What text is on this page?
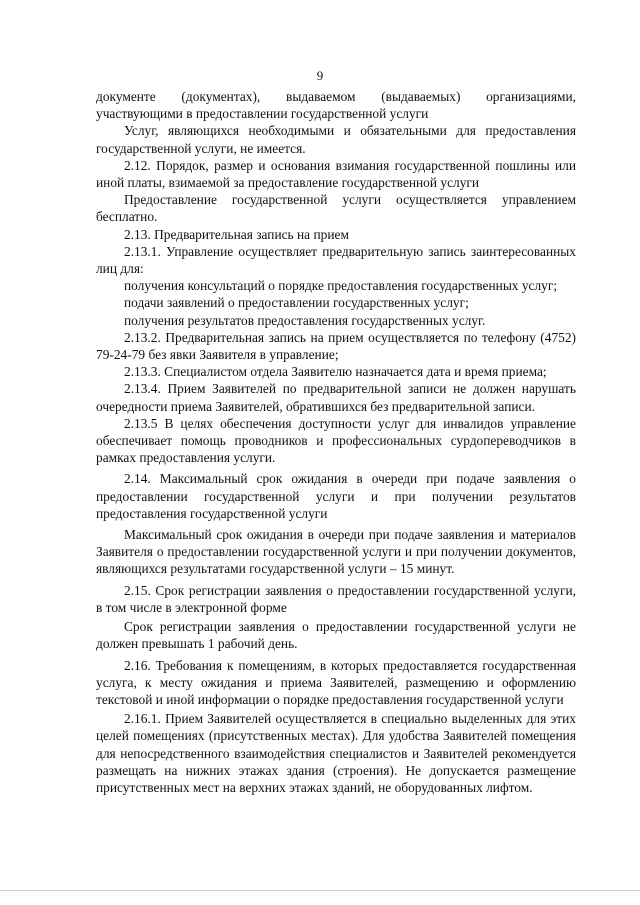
9

документе (документах), выдаваемом (выдаваемых) организациями, участвующими в предоставлении государственной услуги

Услуг, являющихся необходимыми и обязательными для предоставления государственной услуги, не имеется.

2.12. Порядок, размер и основания взимания государственной пошлины или иной платы, взимаемой за предоставление государственной услуги

Предоставление государственной услуги осуществляется управлением бесплатно.

2.13. Предварительная запись на прием

2.13.1. Управление осуществляет предварительную запись заинтересованных лиц для:

получения консультаций о порядке предоставления государственных услуг;

подачи заявлений о предоставлении государственных услуг;

получения результатов предоставления государственных услуг.

2.13.2. Предварительная запись на прием осуществляется по телефону (4752) 79-24-79 без явки Заявителя в управление;

2.13.3. Специалистом отдела Заявителю назначается дата и время приема;

2.13.4. Прием Заявителей по предварительной записи не должен нарушать очередности приема Заявителей, обратившихся без предварительной записи.

2.13.5 В целях обеспечения доступности услуг для инвалидов управление обеспечивает помощь проводников и профессиональных сурдопереводчиков в рамках предоставления услуги.

2.14. Максимальный срок ожидания в очереди при подаче заявления о предоставлении государственной услуги и при получении результатов предоставления государственной услуги

Максимальный срок ожидания в очереди при подаче заявления и материалов Заявителя о предоставлении государственной услуги и при получении документов, являющихся результатами государственной услуги – 15 минут.

2.15. Срок регистрации заявления о предоставлении государственной услуги, в том числе в электронной форме

Срок регистрации заявления о предоставлении государственной услуги не должен превышать 1 рабочий день.

2.16. Требования к помещениям, в которых предоставляется государственная услуга, к месту ожидания и приема Заявителей, размещению и оформлению текстовой и иной информации о порядке предоставления государственной услуги

2.16.1. Прием Заявителей осуществляется в специально выделенных для этих целей помещениях (присутственных местах). Для удобства Заявителей помещения для непосредственного взаимодействия специалистов и Заявителей рекомендуется размещать на нижних этажах здания (строения). Не допускается размещение присутственных мест на верхних этажах зданий, не оборудованных лифтом.
